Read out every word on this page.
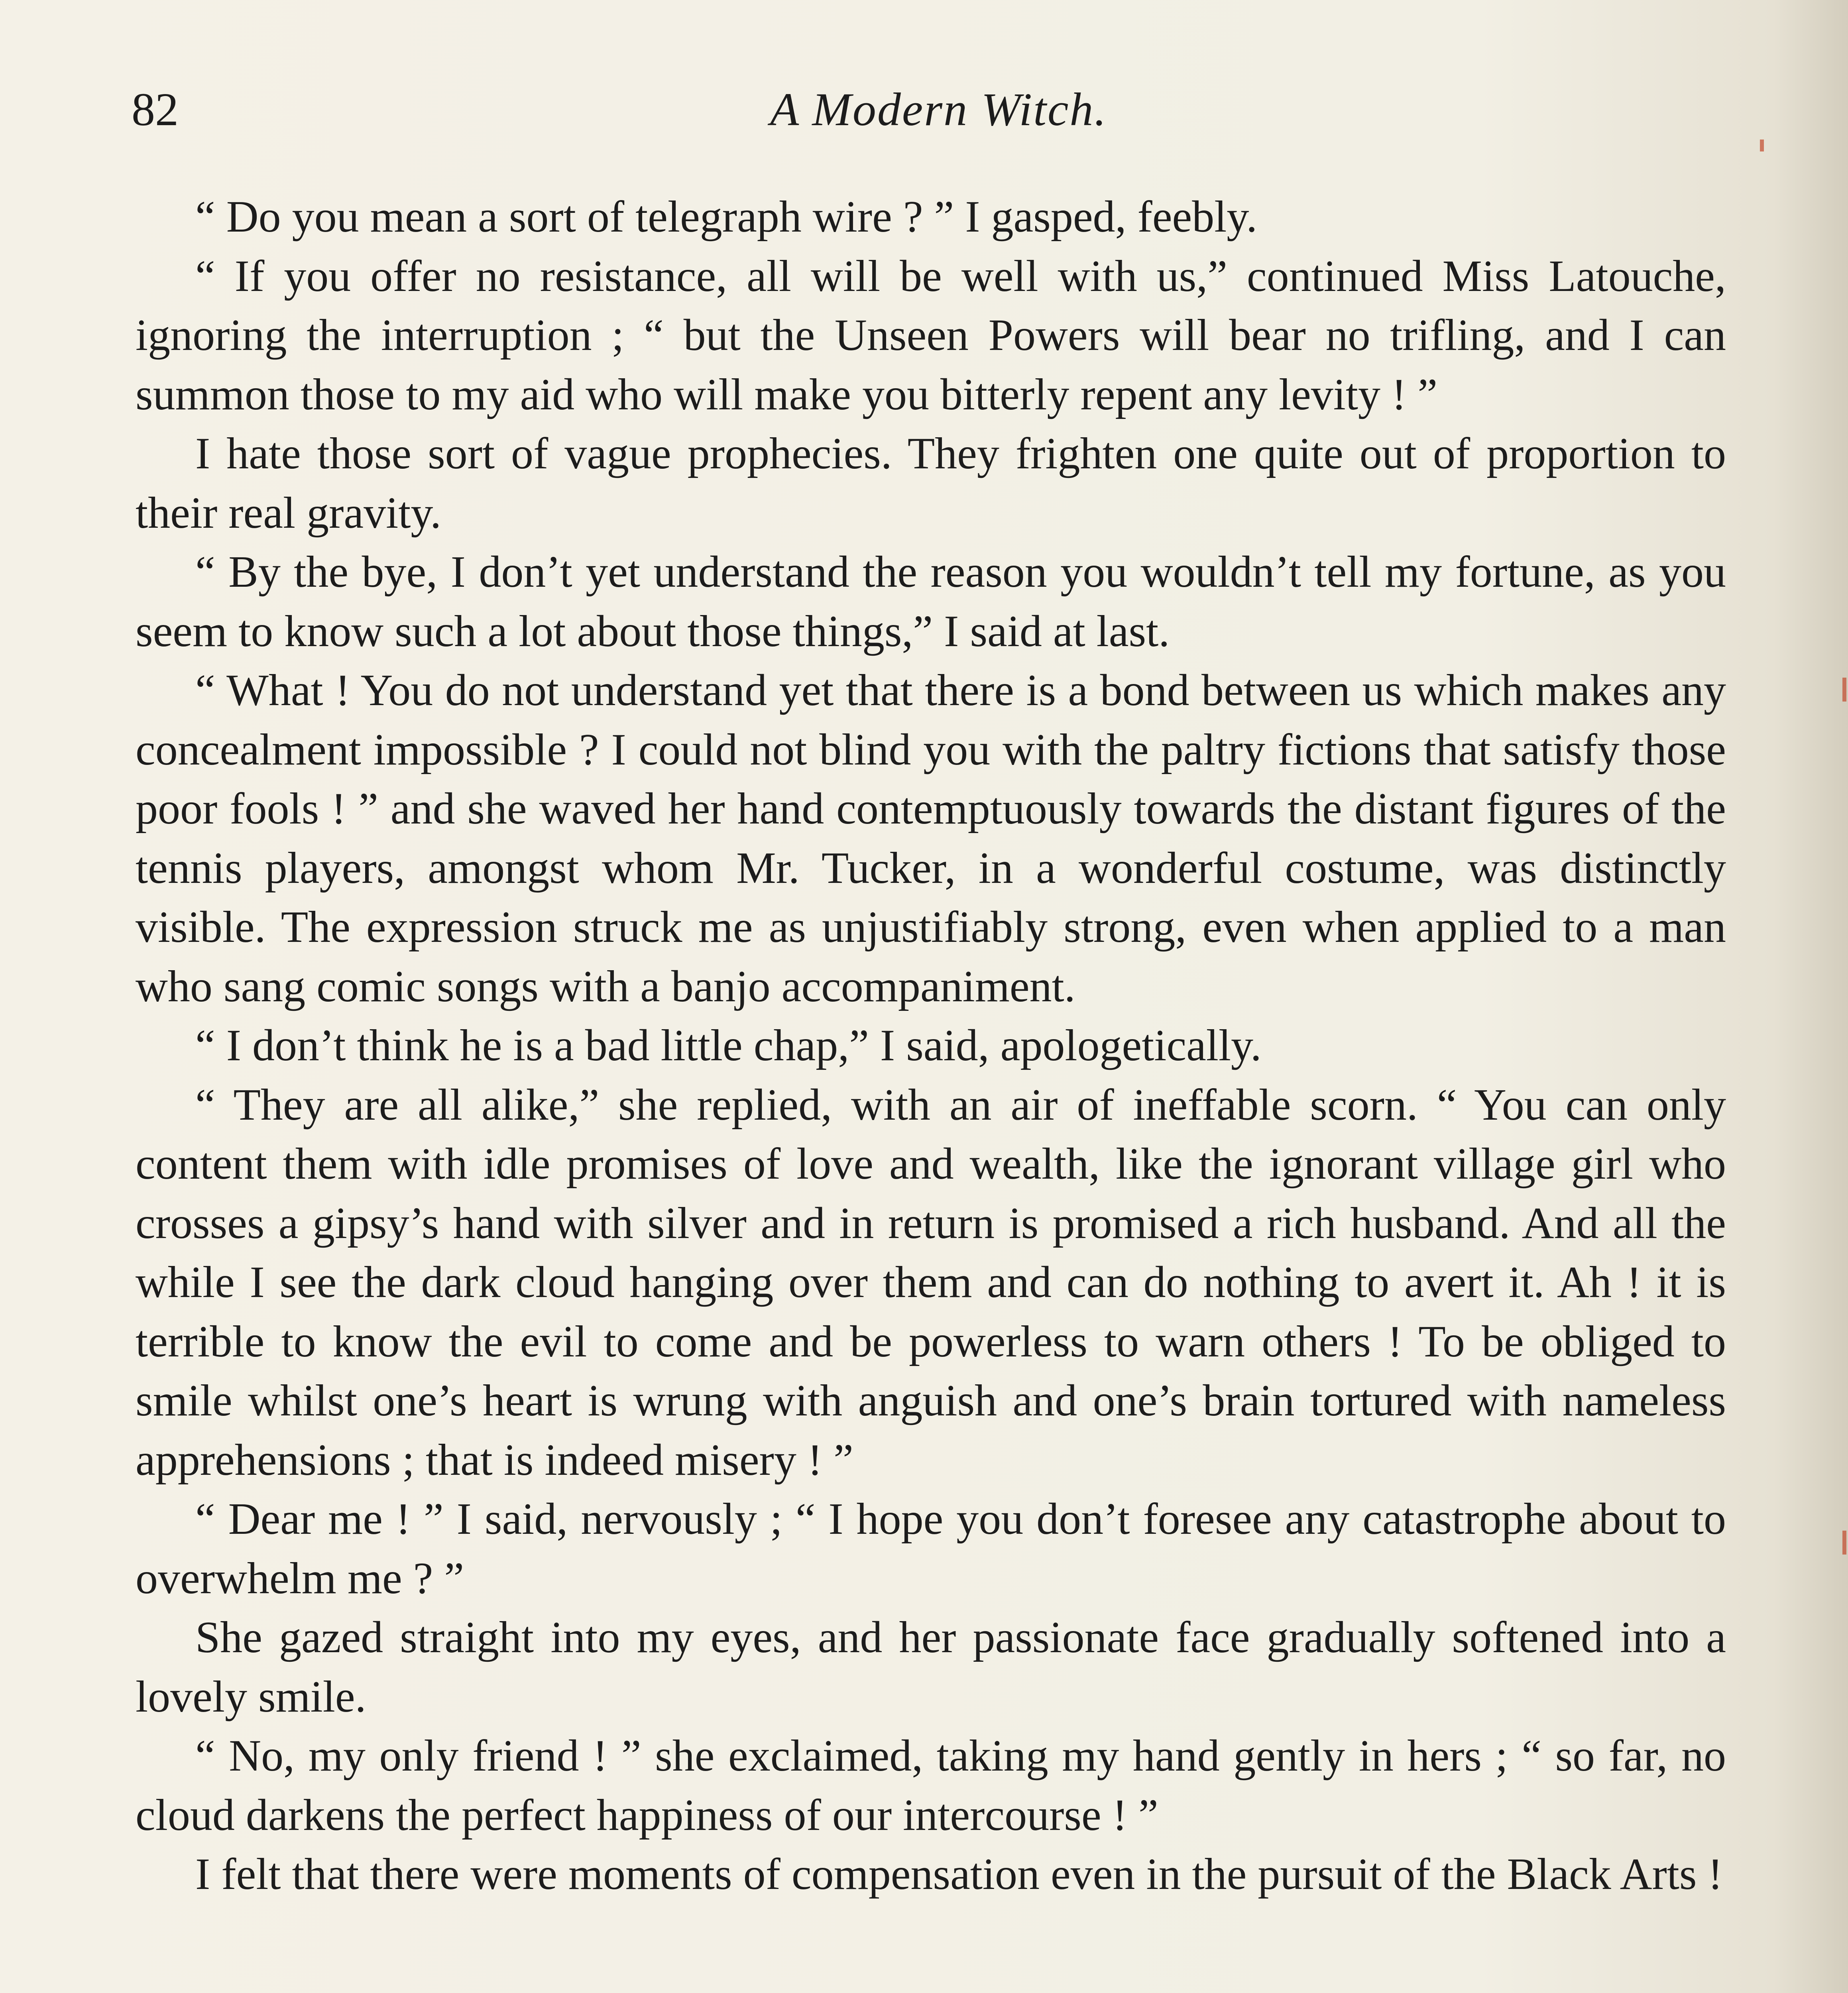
82	A Modern Witch.

“ Do you mean a sort of telegraph wire ? ” I gasped, feebly.

“ If you offer no resistance, all will be well with us,” continued Miss Latouche, ignoring the interruption ; “ but the Unseen Powers will bear no trifling, and I can summon those to my aid who will make you bitterly repent any levity ! ”

I hate those sort of vague prophecies. They frighten one quite out of proportion to their real gravity.

“ By the bye, I don’t yet understand the reason you wouldn’t tell my fortune, as you seem to know such a lot about those things,” I said at last.

“ What ! You do not understand yet that there is a bond between us which makes any concealment impossible ? I could not blind you with the paltry fictions that satisfy those poor fools ! ” and she waved her hand contemptuously towards the distant figures of the tennis players, amongst whom Mr. Tucker, in a wonderful costume, was distinctly visible. The expression struck me as unjustifiably strong, even when applied to a man who sang comic songs with a banjo accompaniment.

“ I don’t think he is a bad little chap,” I said, apologetically.

“ They are all alike,” she replied, with an air of ineffable scorn. “ You can only content them with idle promises of love and wealth, like the ignorant village girl who crosses a gipsy’s hand with silver and in return is promised a rich husband. And all the while I see the dark cloud hanging over them and can do nothing to avert it. Ah ! it is terrible to know the evil to come and be powerless to warn others ! To be obliged to smile whilst one’s heart is wrung with anguish and one’s brain tortured with nameless apprehensions ; that is indeed misery ! ”

“ Dear me ! ” I said, nervously ; “ I hope you don’t foresee any catastrophe about to overwhelm me ? ”

She gazed straight into my eyes, and her passionate face gradually softened into a lovely smile.

“ No, my only friend ! ” she exclaimed, taking my hand gently in hers ; “ so far, no cloud darkens the perfect happiness of our intercourse ! ”

I felt that there were moments of compensation even in the pursuit of the Black Arts !
